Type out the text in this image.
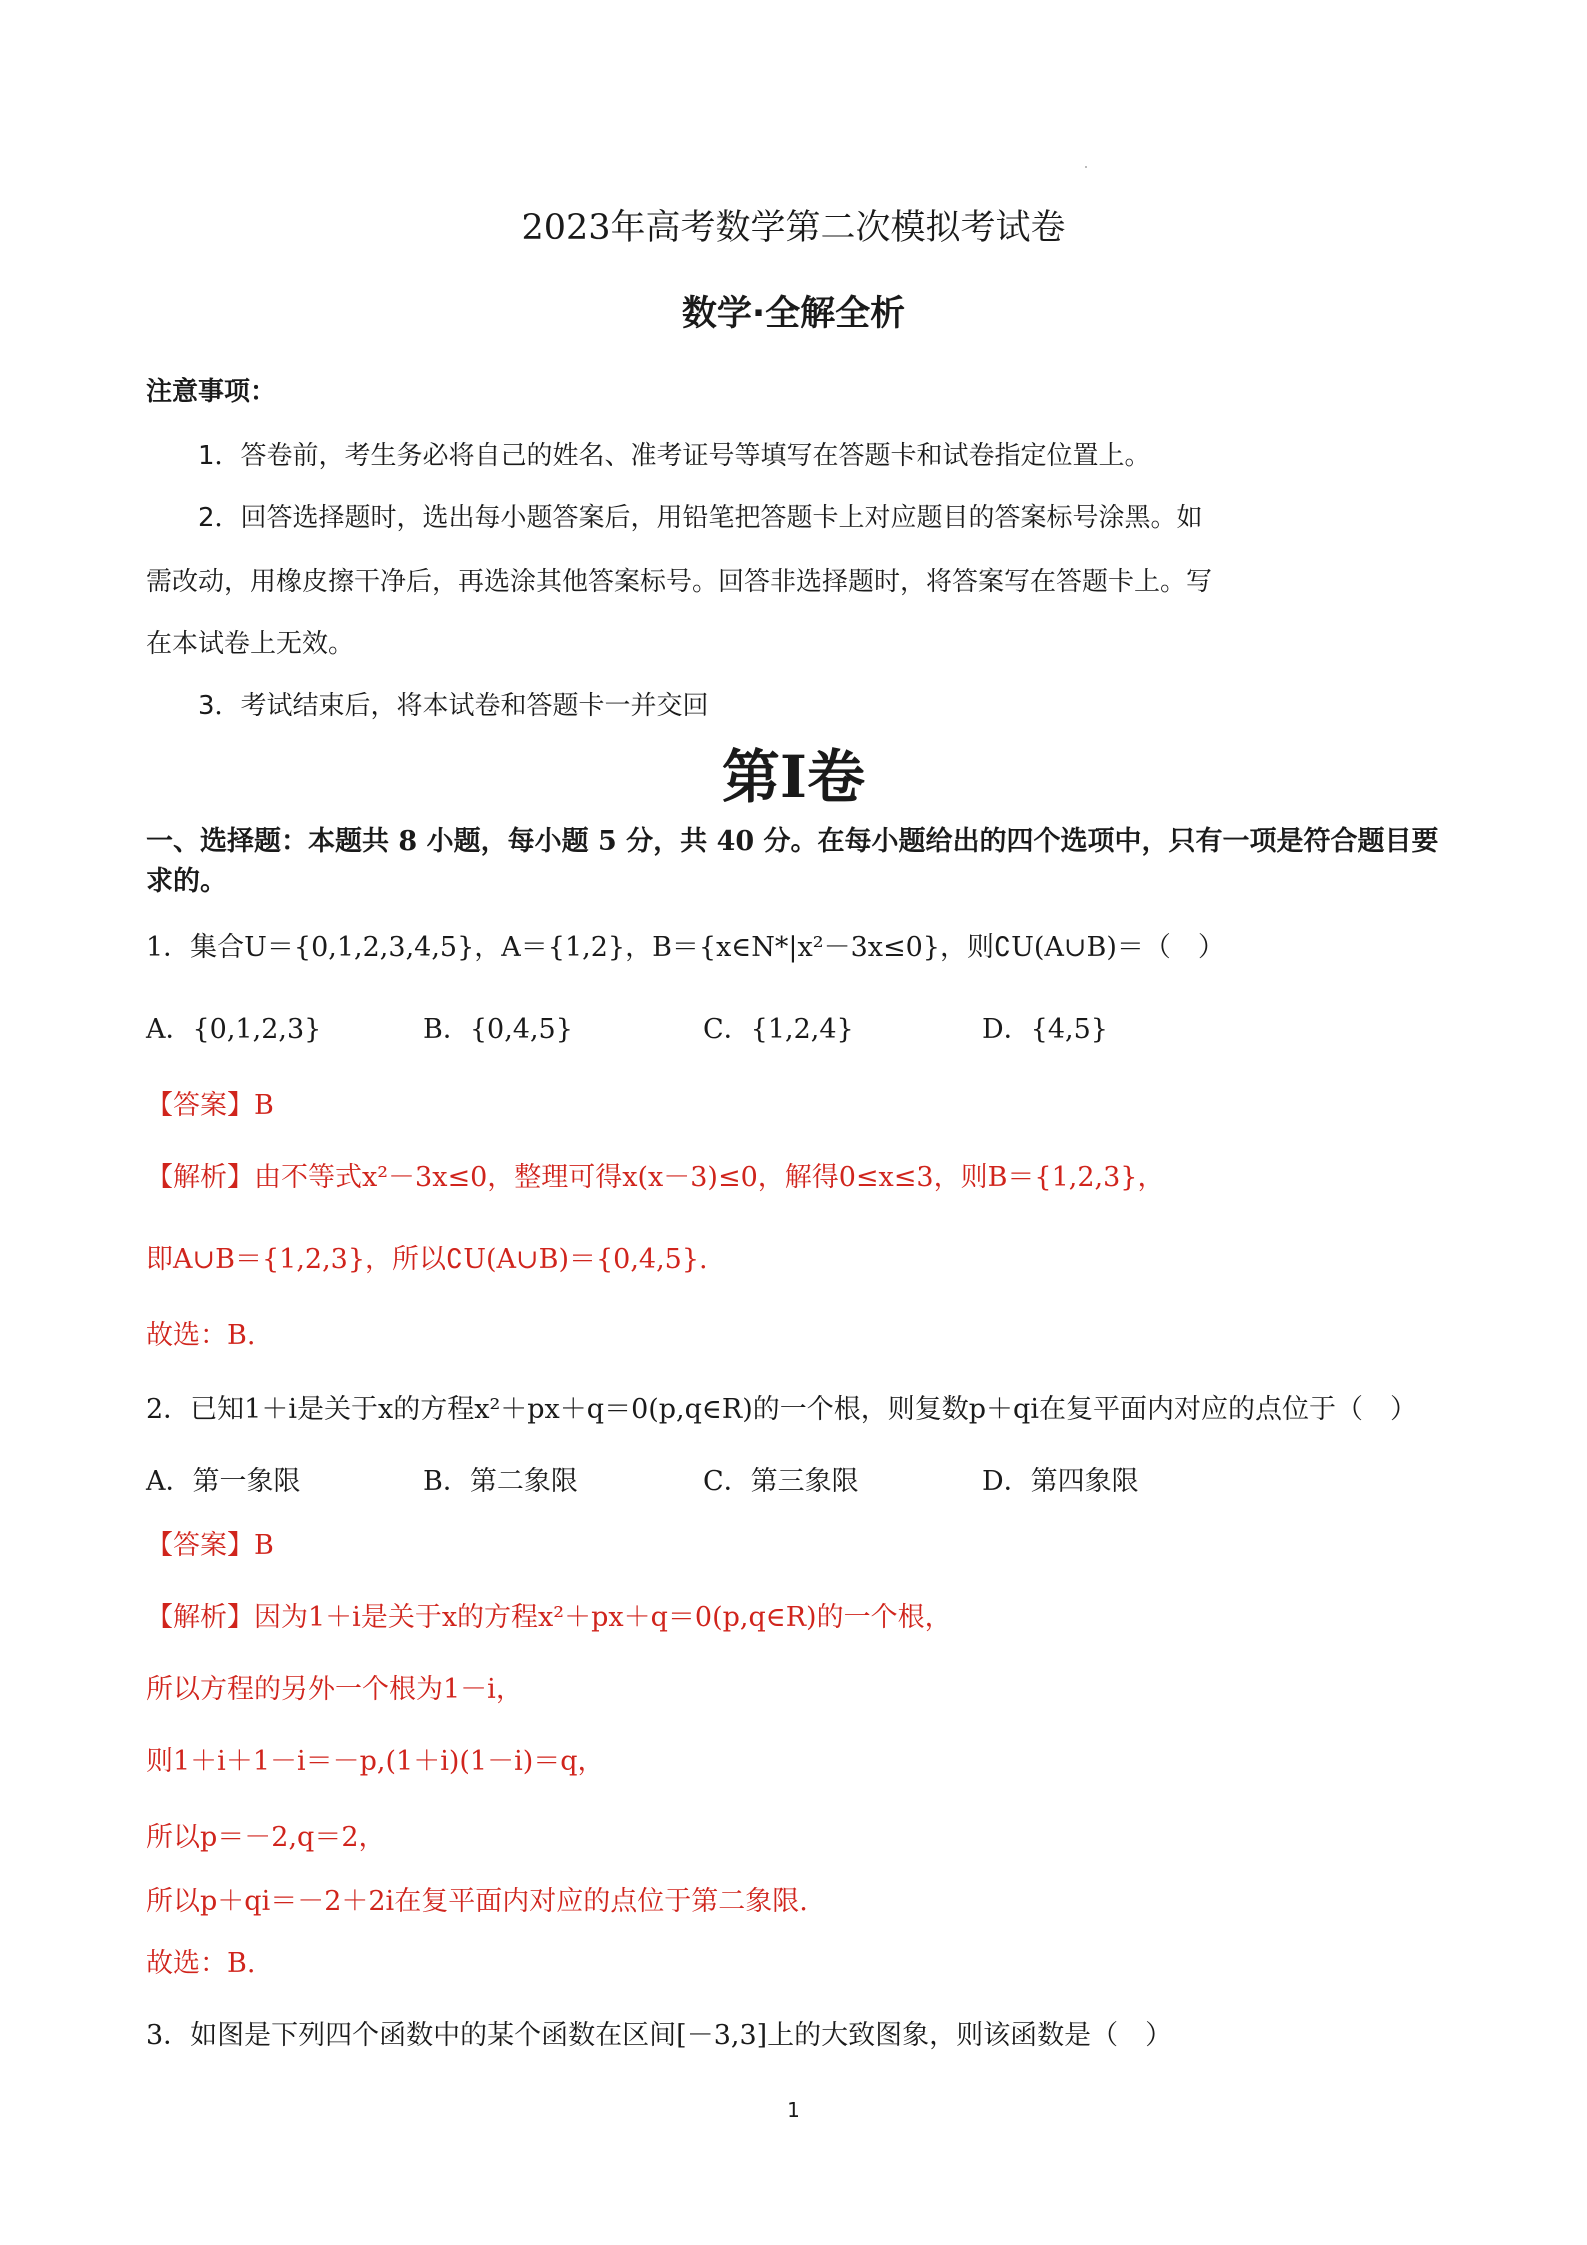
2023年高考数学第二次模拟考试卷
数学·全解全析
注意事项：
1．答卷前，考生务必将自己的姓名、准考证号等填写在答题卡和试卷指定位置上。
2．回答选择题时，选出每小题答案后，用铅笔把答题卡上对应题目的答案标号涂黑。如
需改动，用橡皮擦干净后，再选涂其他答案标号。回答非选择题时，将答案写在答题卡上。写
在本试卷上无效。
3．考试结束后，将本试卷和答题卡一并交回
第I卷
一、选择题：本题共 8 小题，每小题 5 分，共 40 分。在每小题给出的四个选项中，只有一项是符合题目要
求的。
1．集合U＝{0,1,2,3,4,5}，A＝{1,2}，B＝{x∈N*|x²－3x≤0}，则∁U(A∪B)＝（　）
A．{0,1,2,3}	B．{0,4,5}	C．{1,2,4}	D．{4,5}
【答案】B
【解析】由不等式x²－3x≤0，整理可得x(x－3)≤0，解得0≤x≤3，则B＝{1,2,3}，
即A∪B＝{1,2,3}，所以∁U(A∪B)＝{0,4,5}.
故选：B.
2．已知1＋i是关于x的方程x²＋px＋q＝0(p,q∈R)的一个根，则复数p＋qi在复平面内对应的点位于（　）
A．第一象限	B．第二象限	C．第三象限	D．第四象限
【答案】B
【解析】因为1＋i是关于x的方程x²＋px＋q＝0(p,q∈R)的一个根，
所以方程的另外一个根为1－i，
则1＋i＋1－i＝－p,(1＋i)(1－i)＝q，
所以p＝－2,q＝2，
所以p＋qi＝－2＋2i在复平面内对应的点位于第二象限.
故选：B.
3．如图是下列四个函数中的某个函数在区间[－3,3]上的大致图象，则该函数是（　）
1
